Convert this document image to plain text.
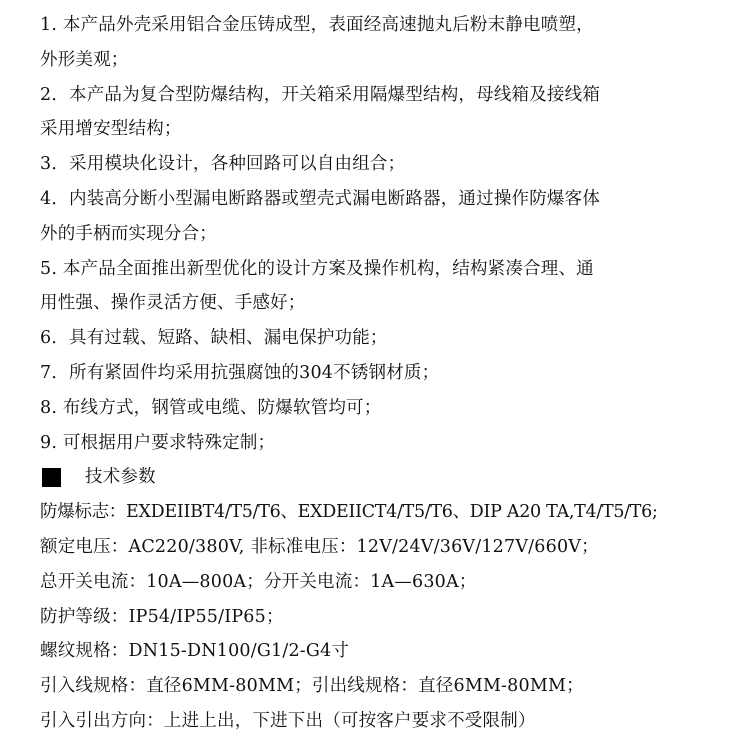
1. 本产品外壳采用铝合金压铸成型，表面经高速抛丸后粉末静电喷塑，
外形美观；
2．本产品为复合型防爆结构，开关箱采用隔爆型结构，母线箱及接线箱
采用增安型结构；
3．采用模块化设计，各种回路可以自由组合；
4．内装高分断小型漏电断路器或塑壳式漏电断路器，通过操作防爆客体
外的手柄而实现分合；
5. 本产品全面推出新型优化的设计方案及操作机构，结构紧凑合理、通
用性强、操作灵活方便、手感好；
6．具有过载、短路、缺相、漏电保护功能；
7．所有紧固件均采用抗强腐蚀的304不锈钢材质；
8. 布线方式，钢管或电缆、防爆软管均可；
9. 可根据用户要求特殊定制；
技术参数
防爆标志：EXDEIIBT4/T5/T6、EXDEIICT4/T5/T6、DIP A20 TA,T4/T5/T6;
额定电压：AC220/380V, 非标准电压：12V/24V/36V/127V/660V；
总开关电流：10A—800A；分开关电流：1A—630A；
防护等级：IP54/IP55/IP65；
螺纹规格：DN15-DN100/G1/2-G4寸
引入线规格：直径6MM-80MM；引出线规格：直径6MM-80MM；
引入引出方向：上进上出，下进下出（可按客户要求不受限制）
